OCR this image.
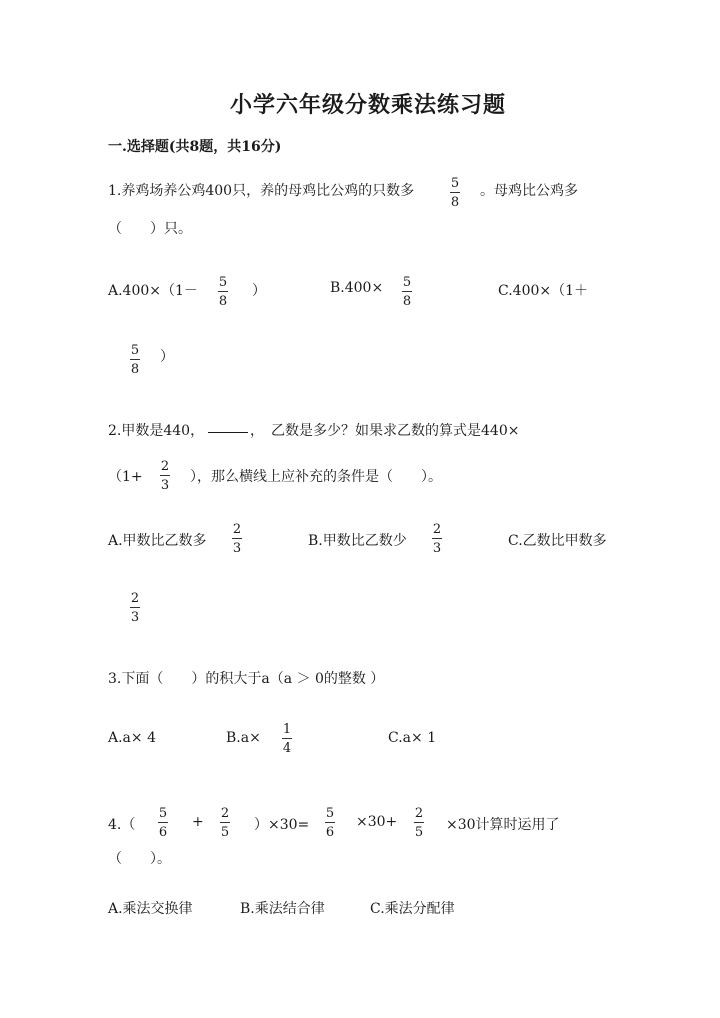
小学六年级分数乘法练习题
一.选择题(共8题，共16分)
1.养鸡场养公鸡400只，养的母鸡比公鸡的只数多	5
8
。母鸡比公鸡多
（　　）只。
A.400×（1－
5
8
）	B.400× 5
8
C.400×（1＋
5
8
）
2.甲数是440，	，　乙数是多少？如果求乙数的算式是440×
（1+
2
3
），那么横线上应补充的条件是（　　）。
A.甲数比乙数多
2
3	B.甲数比乙数少
2
3	C.乙数比甲数多
2
3
3.下面（　　）的积大于a（a ＞ 0的整数 ）
A.a× 4	B.a×
1
4
C.a× 1
4.（
5
6
+
2
5 ）×30=
5
6
×30+
2
5 ×30计算时运用了
（　　）。
A.乘法交换律	B.乘法结合律	C.乘法分配律
